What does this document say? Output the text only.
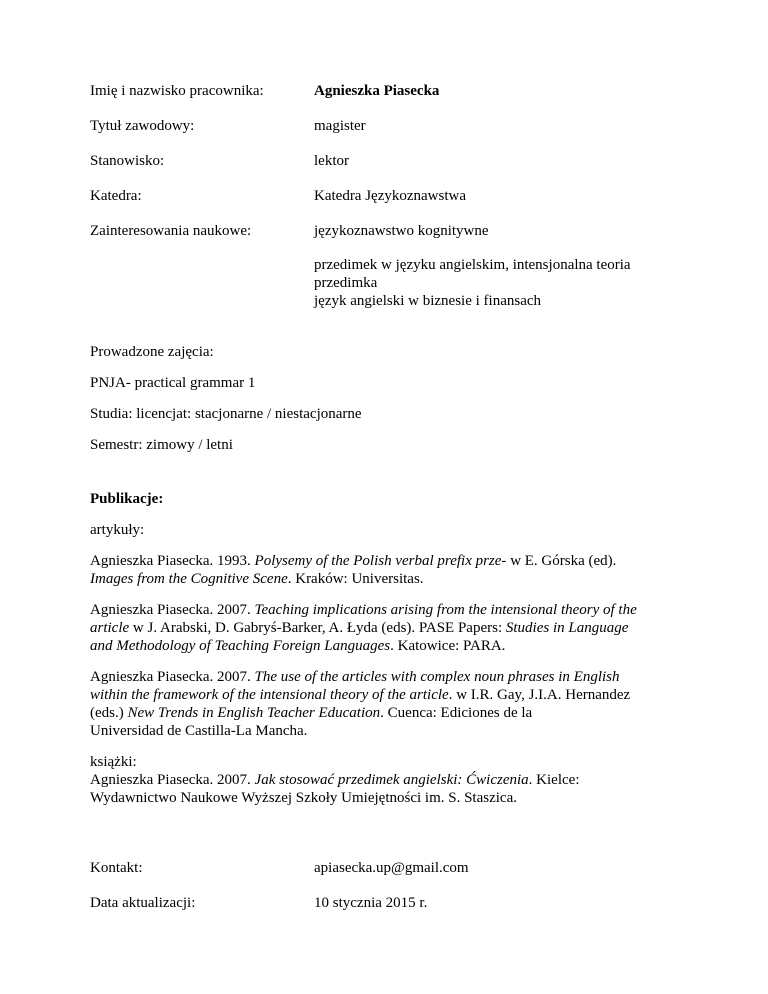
Imię i nazwisko pracownika:	Agnieszka Piasecka
Tytuł zawodowy:	magister
Stanowisko:	lektor
Katedra:	Katedra Językoznawstwa
Zainteresowania naukowe:	językoznawstwo kognitywne
przedimek w języku angielskim, intensjonalna teoria
przedimka
język angielski w biznesie i finansach
Prowadzone zajęcia:
PNJA- practical grammar 1
Studia: licencjat: stacjonarne / niestacjonarne
Semestr: zimowy / letni
Publikacje:
artykuły:
Agnieszka Piasecka. 1993. Polysemy of the Polish verbal prefix prze- w E. Górska (ed).
Images from the Cognitive Scene. Kraków: Universitas.
Agnieszka Piasecka. 2007. Teaching implications arising from the intensional theory of the
article w J. Arabski, D. Gabryś-Barker, A. Łyda (eds). PASE Papers: Studies in Language
and Methodology of Teaching Foreign Languages. Katowice: PARA.
Agnieszka Piasecka. 2007. The use of the articles with complex noun phrases in English
within the framework of the intensional theory of the article. w I.R. Gay, J.I.A. Hernandez
(eds.) New Trends in English Teacher Education. Cuenca: Ediciones de la
Universidad de Castilla-La Mancha.
książki:
Agnieszka Piasecka. 2007. Jak stosować przedimek angielski: Ćwiczenia. Kielce:
Wydawnictwo Naukowe Wyższej Szkoły Umiejętności im. S. Staszica.
Kontakt:	apiasecka.up@gmail.com
Data aktualizacji:	10 stycznia 2015 r.
